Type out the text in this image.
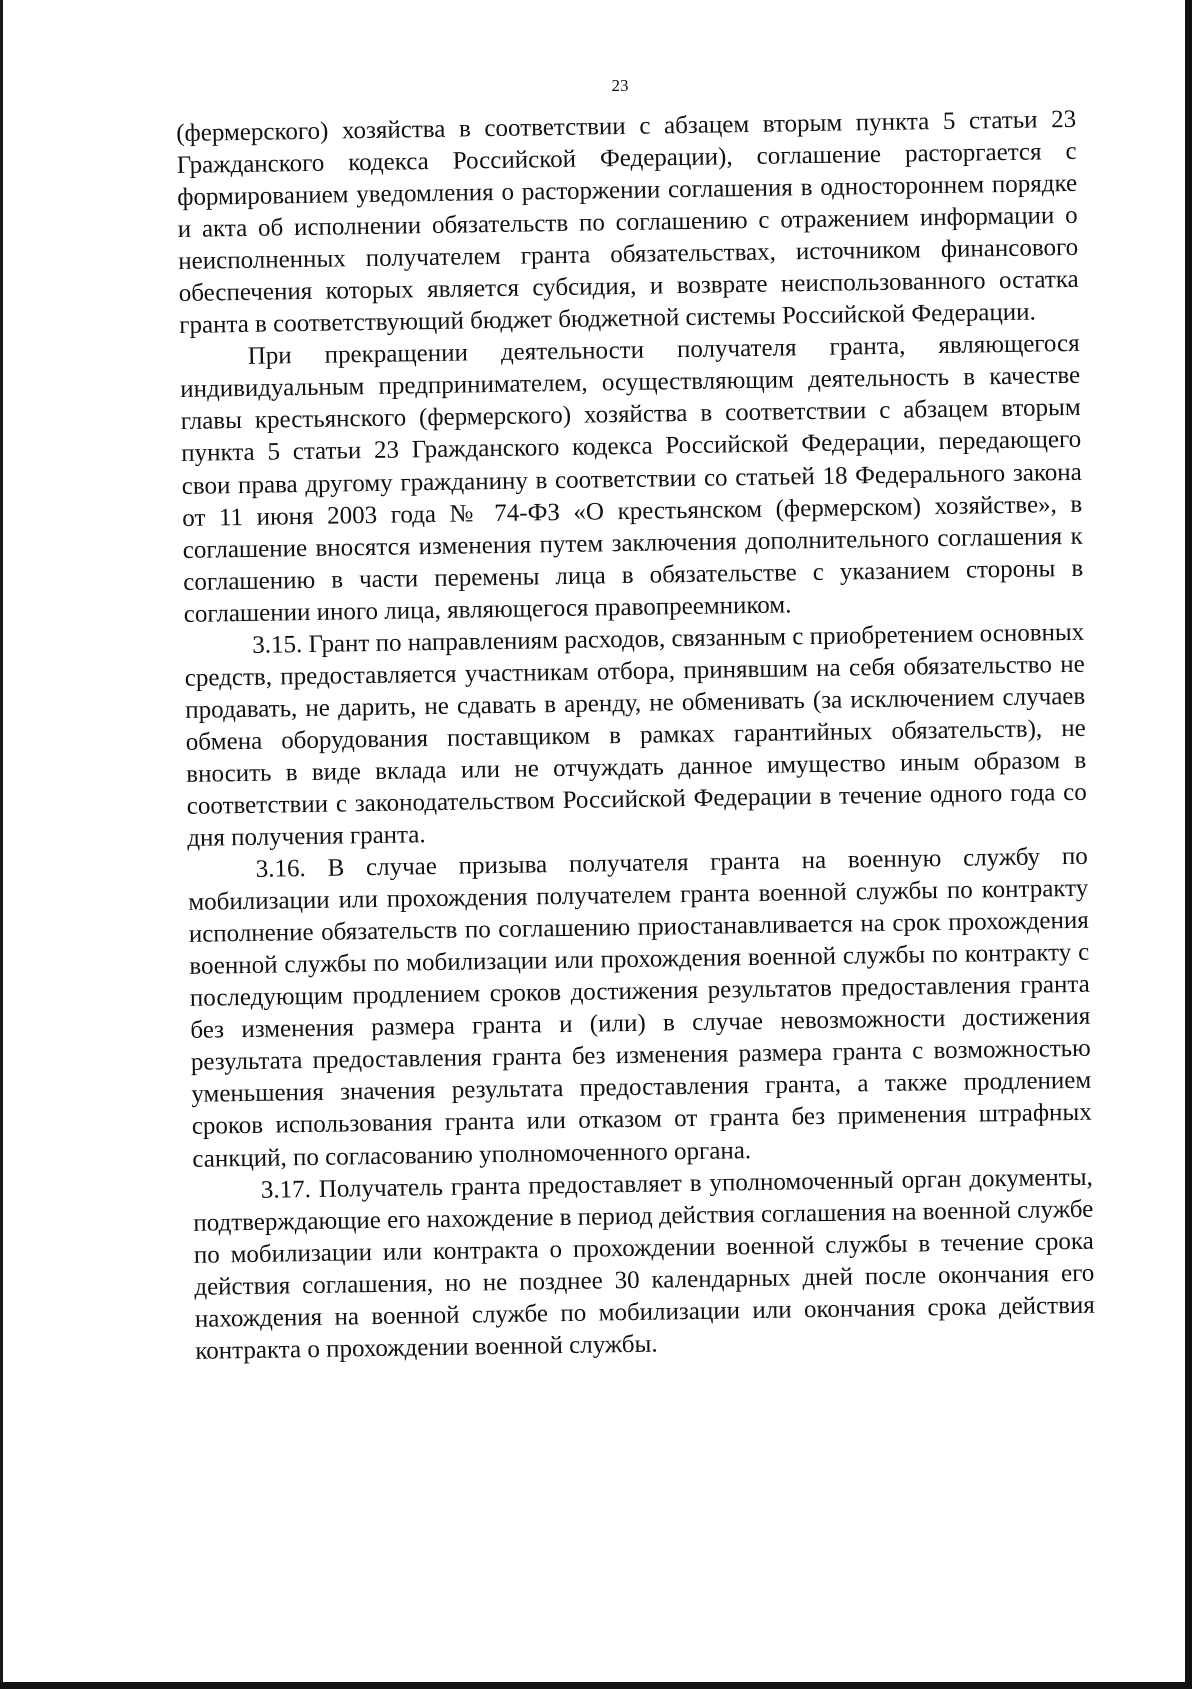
23

(фермерского) хозяйства в соответствии с абзацем вторым пункта 5 статьи 23 Гражданского кодекса Российской Федерации), соглашение расторгается с формированием уведомления о расторжении соглашения в одностороннем порядке и акта об исполнении обязательств по соглашению с отражением информации о неисполненных получателем гранта обязательствах, источником финансового обеспечения которых является субсидия, и возврате неиспользованного остатка гранта в соответствующий бюджет бюджетной системы Российской Федерации.

При прекращении деятельности получателя гранта, являющегося индивидуальным предпринимателем, осуществляющим деятельность в качестве главы крестьянского (фермерского) хозяйства в соответствии с абзацем вторым пункта 5 статьи 23 Гражданского кодекса Российской Федерации, передающего свои права другому гражданину в соответствии со статьей 18 Федерального закона от 11 июня 2003 года № 74-ФЗ «О крестьянском (фермерском) хозяйстве», в соглашение вносятся изменения путем заключения дополнительного соглашения к соглашению в части перемены лица в обязательстве с указанием стороны в соглашении иного лица, являющегося правопреемником.

3.15. Грант по направлениям расходов, связанным с приобретением основных средств, предоставляется участникам отбора, принявшим на себя обязательство не продавать, не дарить, не сдавать в аренду, не обменивать (за исключением случаев обмена оборудования поставщиком в рамках гарантийных обязательств), не вносить в виде вклада или не отчуждать данное имущество иным образом в соответствии с законодательством Российской Федерации в течение одного года со дня получения гранта.

3.16. В случае призыва получателя гранта на военную службу по мобилизации или прохождения получателем гранта военной службы по контракту исполнение обязательств по соглашению приостанавливается на срок прохождения военной службы по мобилизации или прохождения военной службы по контракту с последующим продлением сроков достижения результатов предоставления гранта без изменения размера гранта и (или) в случае невозможности достижения результата предоставления гранта без изменения размера гранта с возможностью уменьшения значения результата предоставления гранта, а также продлением сроков использования гранта или отказом от гранта без применения штрафных санкций, по согласованию уполномоченного органа.

3.17. Получатель гранта предоставляет в уполномоченный орган документы, подтверждающие его нахождение в период действия соглашения на военной службе по мобилизации или контракта о прохождении военной службы в течение срока действия соглашения, но не позднее 30 календарных дней после окончания его нахождения на военной службе по мобилизации или окончания срока действия контракта о прохождении военной службы.
